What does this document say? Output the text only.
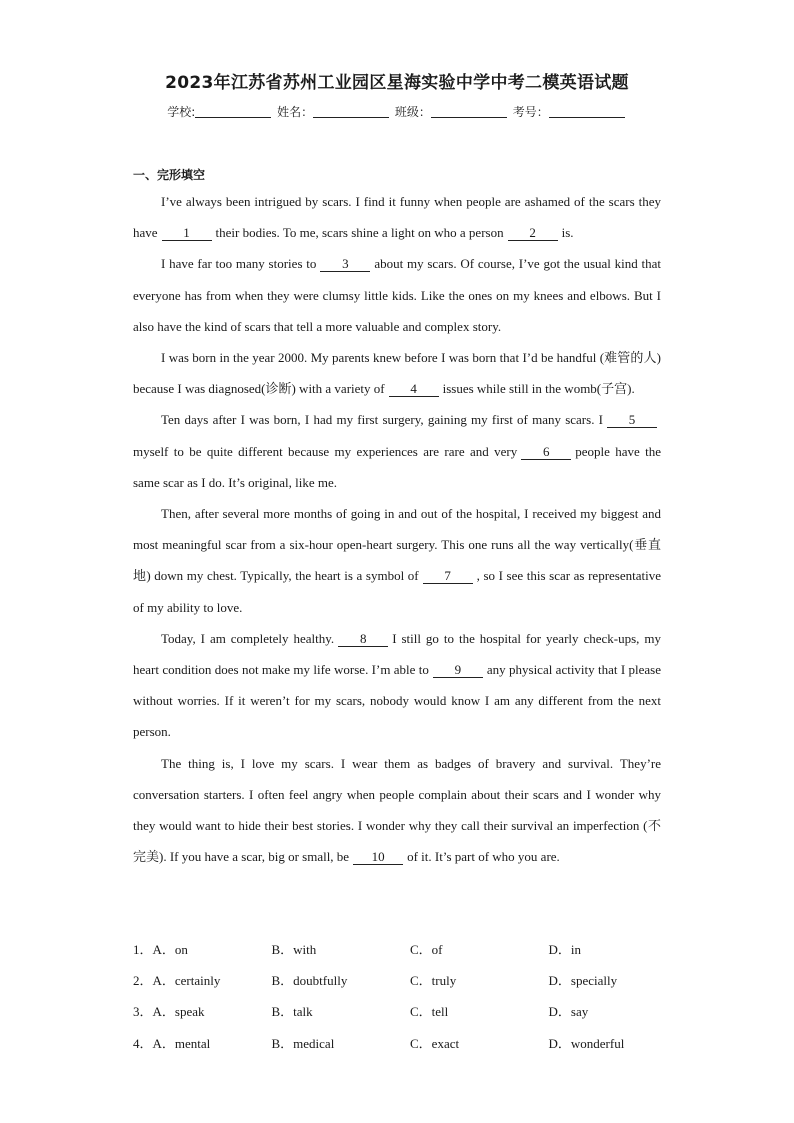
2023年江苏省苏州工业园区星海实验中学中考二模英语试题
学校:	姓名：	班级：	考号：
一、完形填空

I’ve always been intrigued by scars. I find it funny when people are ashamed of the scars they have 1 their bodies. To me, scars shine a light on who a person 2 is.

I have far too many stories to 3 about my scars. Of course, I’ve got the usual kind that everyone has from when they were clumsy little kids. Like the ones on my knees and elbows. But I also have the kind of scars that tell a more valuable and complex story.

I was born in the year 2000. My parents knew before I was born that I’d be handful (难管的人) because I was diagnosed(诊断) with a variety of 4 issues while still in the womb(子宫).

Ten days after I was born, I had my first surgery, gaining my first of many scars. I 5myself to be quite different because my experiences are rare and very 6 people have the same scar as I do. It’s original, like me.

Then, after several more months of going in and out of the hospital, I received my biggest and most meaningful scar from a six-hour open-heart surgery. This one runs all the way vertically(垂直地) down my chest. Typically, the heart is a symbol of 7 , so I see this scar as representative of my ability to love.

Today, I am completely healthy. 8 I still go to the hospital for yearly check-ups, my heart condition does not make my life worse. I’m able to 9 any physical activity that I please without worries. If it weren’t for my scars, nobody would know I am any different from the next person.

The thing is, I love my scars. I wear them as badges of bravery and survival. They’re conversation starters. I often feel angry when people complain about their scars and I wonder why they would want to hide their best stories. I wonder why they call their survival an imperfection (不完美). If you have a scar, big or small, be 10 of it. It’s part of who you are.

1．A．on	B．with	C．of	D．in
2．A．certainly	B．doubtfully	C．truly	D．specially
3．A．speak	B．talk	C．tell	D．say
4．A．mental	B．medical	C．exact	D．wonderful
